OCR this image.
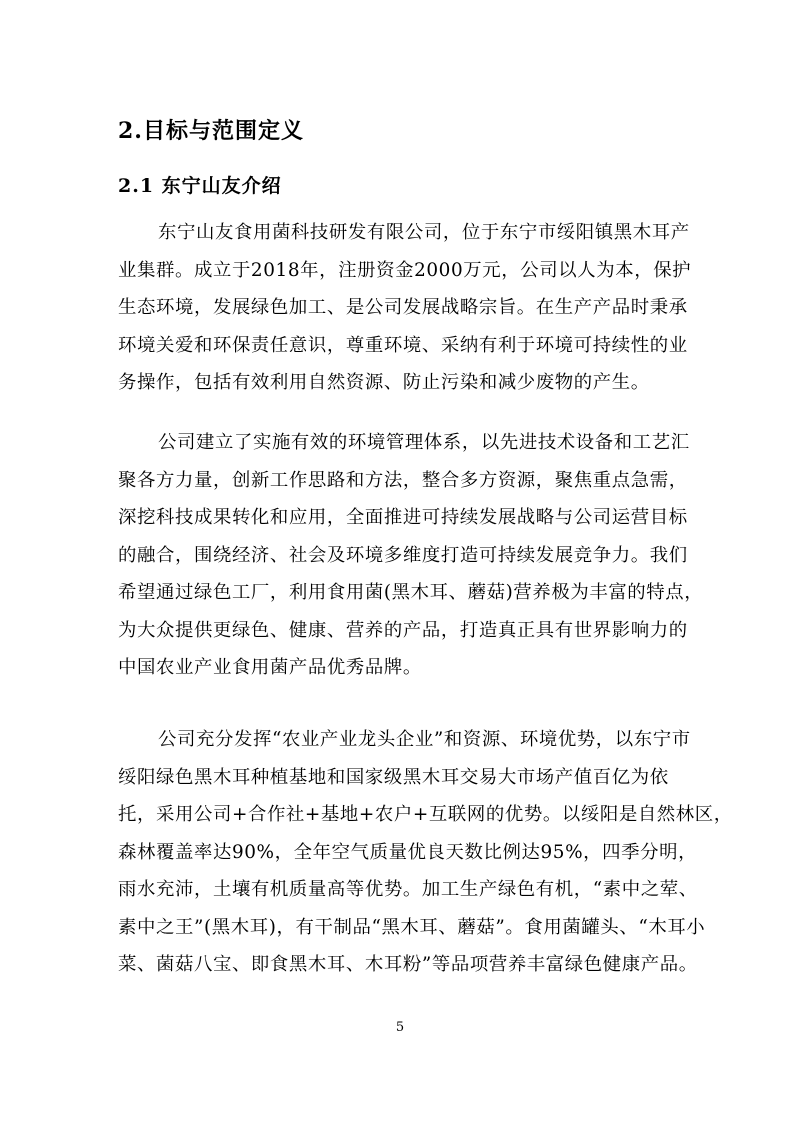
2.目标与范围定义
2.1 东宁山友介绍
东宁山友食用菌科技研发有限公司，位于东宁市绥阳镇黑木耳产
业集群。成立于2018年，注册资金2000万元，公司以人为本，保护
生态环境，发展绿色加工、是公司发展战略宗旨。在生产产品时秉承
环境关爱和环保责任意识，尊重环境、采纳有利于环境可持续性的业
务操作，包括有效利用自然资源、防止污染和减少废物的产生。
公司建立了实施有效的环境管理体系，以先进技术设备和工艺汇
聚各方力量，创新工作思路和方法，整合多方资源，聚焦重点急需，
深挖科技成果转化和应用，全面推进可持续发展战略与公司运营目标
的融合，围绕经济、社会及环境多维度打造可持续发展竞争力。我们
希望通过绿色工厂，利用食用菌(黑木耳、蘑菇)营养极为丰富的特点，
为大众提供更绿色、健康、营养的产品，打造真正具有世界影响力的
中国农业产业食用菌产品优秀品牌。
公司充分发挥“农业产业龙头企业”和资源、环境优势，以东宁市
绥阳绿色黑木耳种植基地和国家级黑木耳交易大市场产值百亿为依
托，采用公司+合作社+基地+农户+互联网的优势。以绥阳是自然林区，
森林覆盖率达90%，全年空气质量优良天数比例达95%，四季分明，
雨水充沛，土壤有机质量高等优势。加工生产绿色有机，“素中之荤、
素中之王”(黑木耳)，有干制品“黑木耳、蘑菇”。食用菌罐头、“木耳小
菜、菌菇八宝、即食黑木耳、木耳粉”等品项营养丰富绿色健康产品。
5
